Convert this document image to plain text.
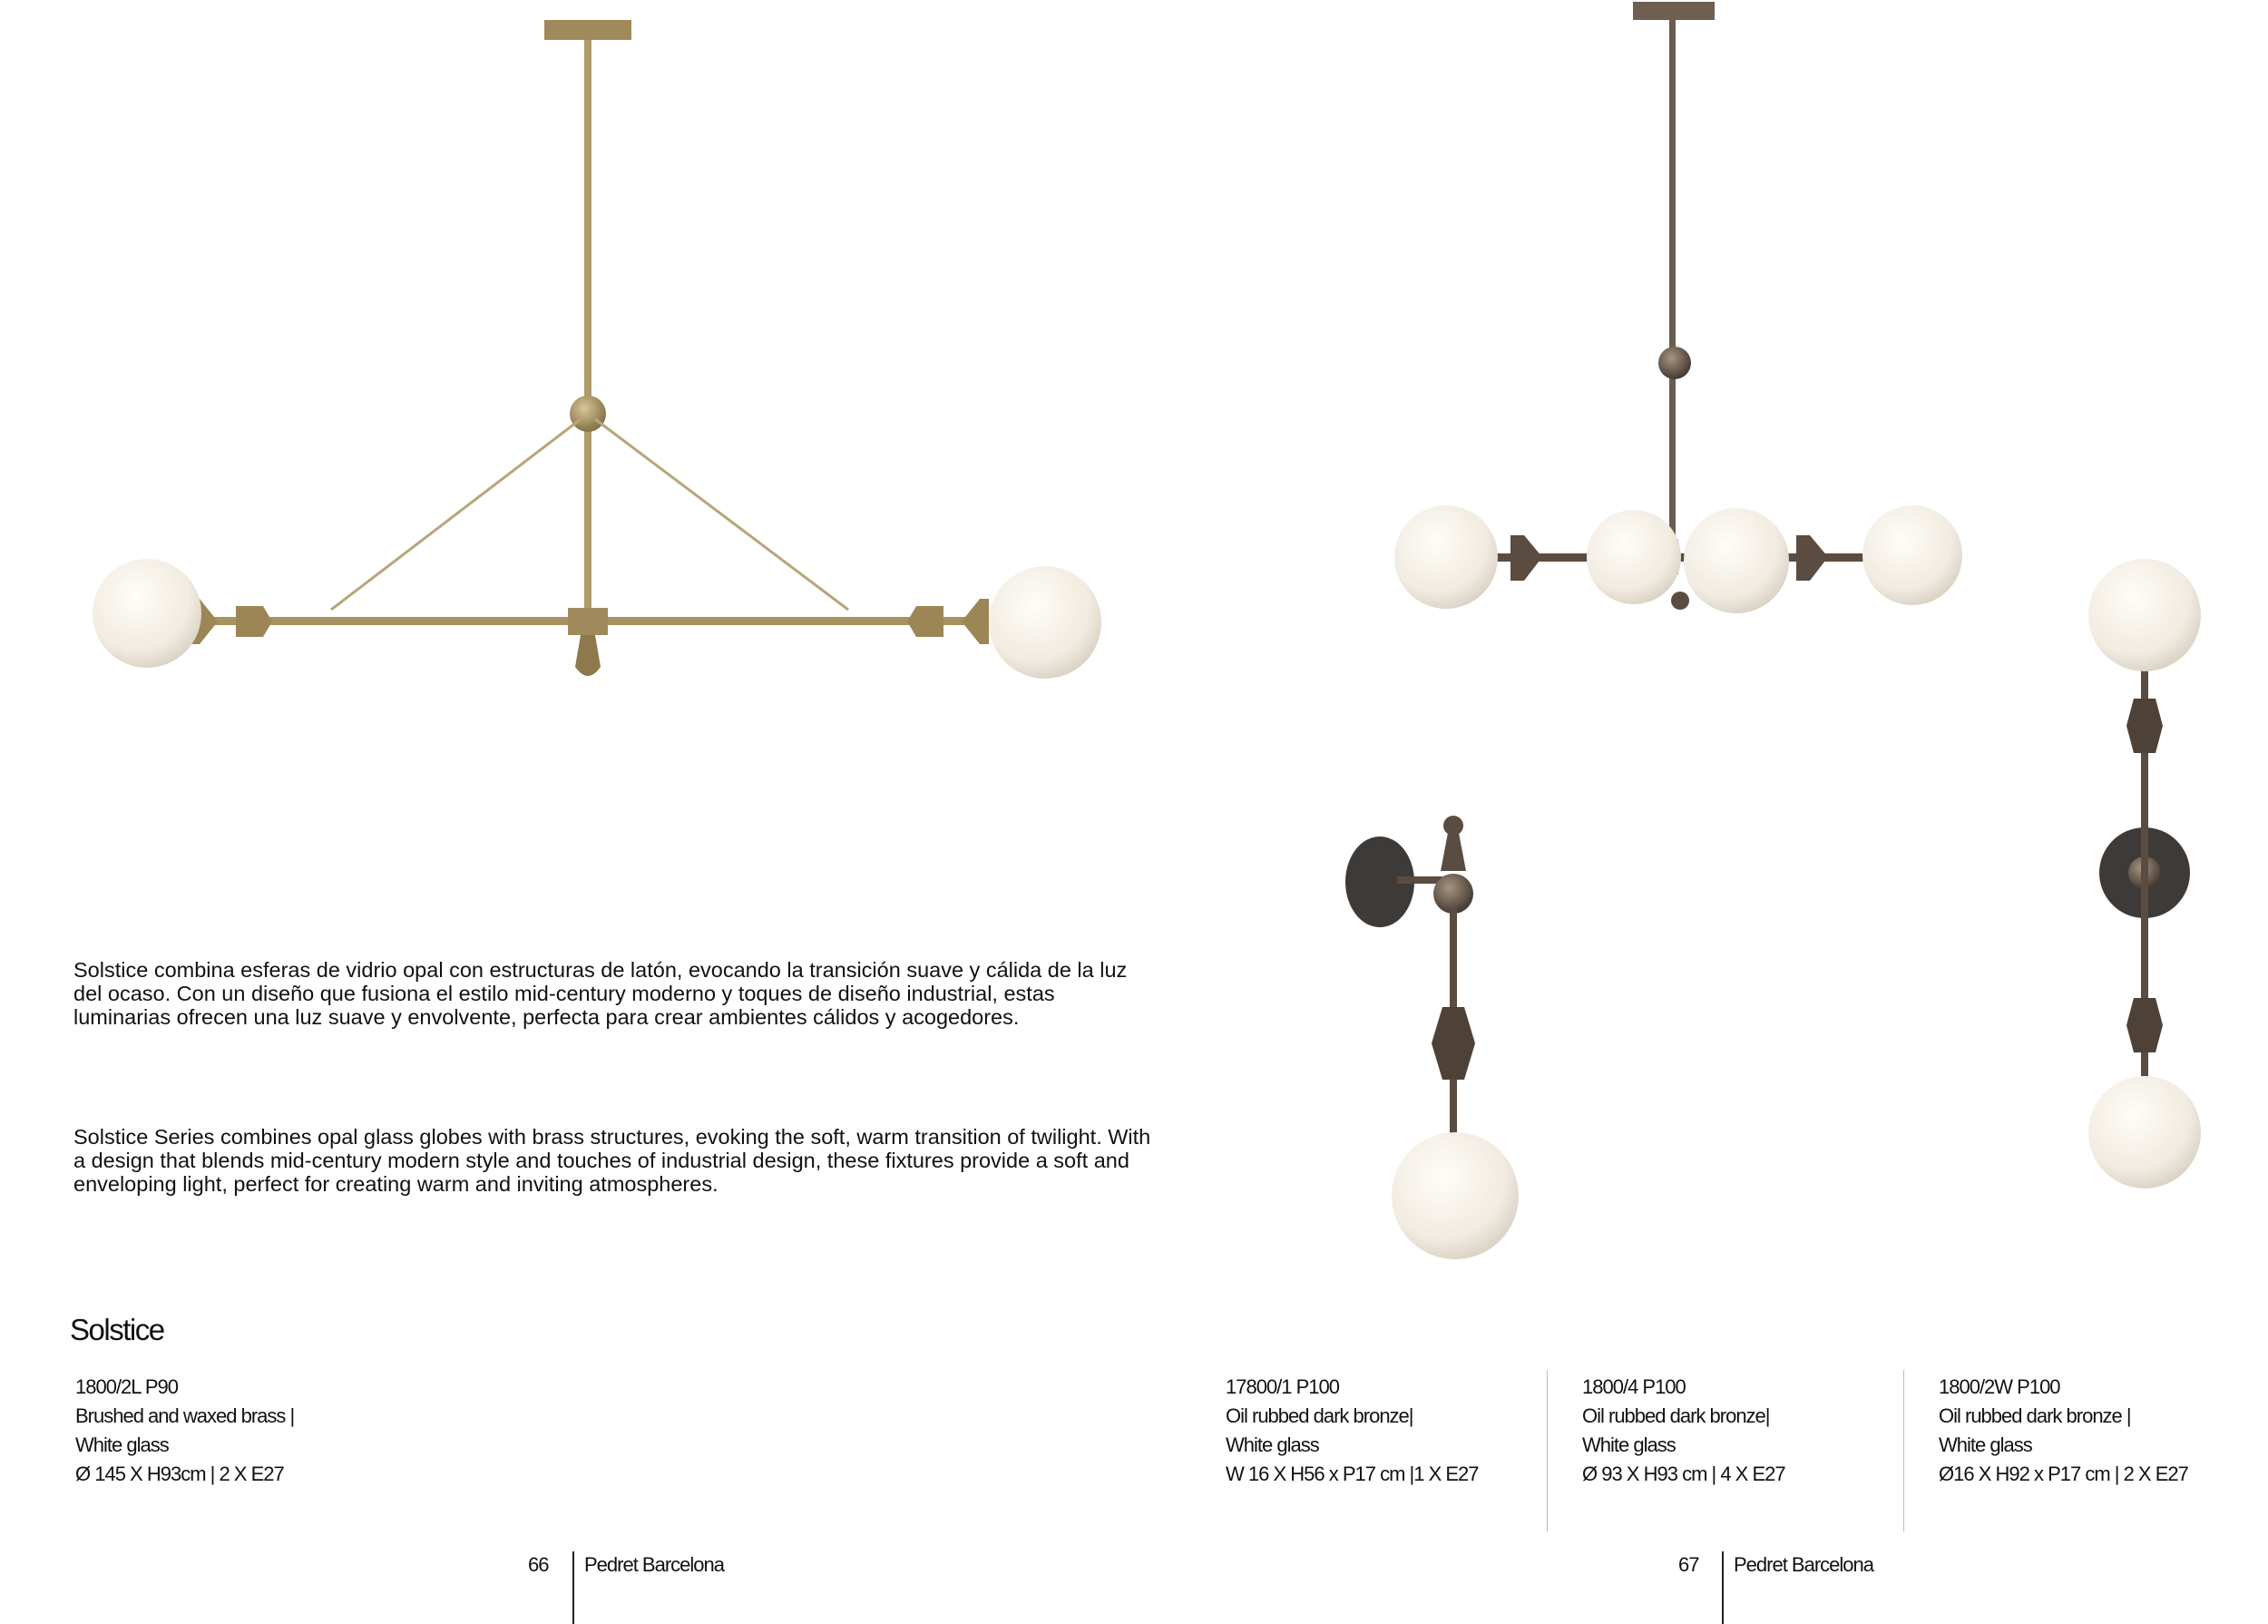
Solstice combina esferas de vidrio opal con estructuras de latón, evocando la transición suave y cálida de la luz del ocaso. Con un diseño que fusiona el estilo mid-century moderno y toques de diseño industrial, estas luminarias ofrecen una luz suave y envolvente, perfecta para crear ambientes cálidos y acogedores.

Solstice Series combines opal glass globes with brass structures, evoking the soft, warm transition of twilight. With a design that blends mid-century modern style and touches of industrial design, these fixtures provide a soft and enveloping light, perfect for creating warm and inviting atmospheres.

Solstice
1800/2L P90
Brushed and waxed brass |
White glass
Ø 145 X H93cm | 2 X E27
17800/1 P100
Oil rubbed dark bronze|
White glass
W 16 X H56 x P17 cm |1 X E27
1800/4 P100
Oil rubbed dark bronze|
White glass
Ø 93 X H93 cm | 4 X E27
1800/2W P100
Oil rubbed dark bronze |
White glass
Ø16 X H92 x P17 cm | 2 X E27
66 Pedret Barcelona	67 Pedret Barcelona
